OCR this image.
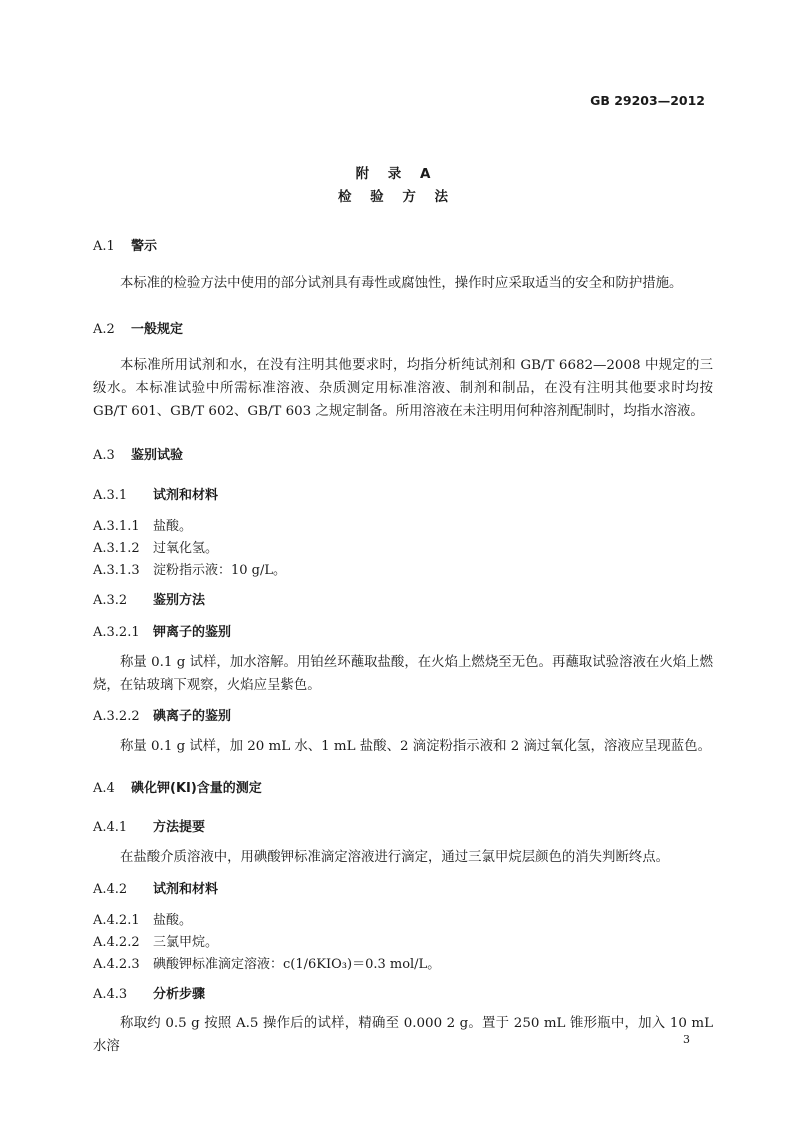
GB 29203—2012
附 录 A
检 验 方 法
A.1 警示
本标准的检验方法中使用的部分试剂具有毒性或腐蚀性，操作时应采取适当的安全和防护措施。
A.2 一般规定
本标准所用试剂和水，在没有注明其他要求时，均指分析纯试剂和 GB/T 6682—2008 中规定的三级水。本标准试验中所需标准溶液、杂质测定用标准溶液、制剂和制品，在没有注明其他要求时均按 GB/T 601、GB/T 602、GB/T 603 之规定制备。所用溶液在未注明用何种溶剂配制时，均指水溶液。
A.3 鉴别试验
A.3.1 试剂和材料
A.3.1.1 盐酸。
A.3.1.2 过氧化氢。
A.3.1.3 淀粉指示液：10 g/L。
A.3.2 鉴别方法
A.3.2.1 钾离子的鉴别
称量 0.1 g 试样，加水溶解。用铂丝环蘸取盐酸，在火焰上燃烧至无色。再蘸取试验溶液在火焰上燃烧，在钴玻璃下观察，火焰应呈紫色。
A.3.2.2 碘离子的鉴别
称量 0.1 g 试样，加 20 mL 水、1 mL 盐酸、2 滴淀粉指示液和 2 滴过氧化氢，溶液应呈现蓝色。
A.4 碘化钾(KI)含量的测定
A.4.1 方法提要
在盐酸介质溶液中，用碘酸钾标准滴定溶液进行滴定，通过三氯甲烷层颜色的消失判断终点。
A.4.2 试剂和材料
A.4.2.1 盐酸。
A.4.2.2 三氯甲烷。
A.4.2.3 碘酸钾标准滴定溶液：c(1/6KIO₃)＝0.3 mol/L。
A.4.3 分析步骤
称取约 0.5 g 按照 A.5 操作后的试样，精确至 0.000 2 g。置于 250 mL 锥形瓶中，加入 10 mL 水溶	3
